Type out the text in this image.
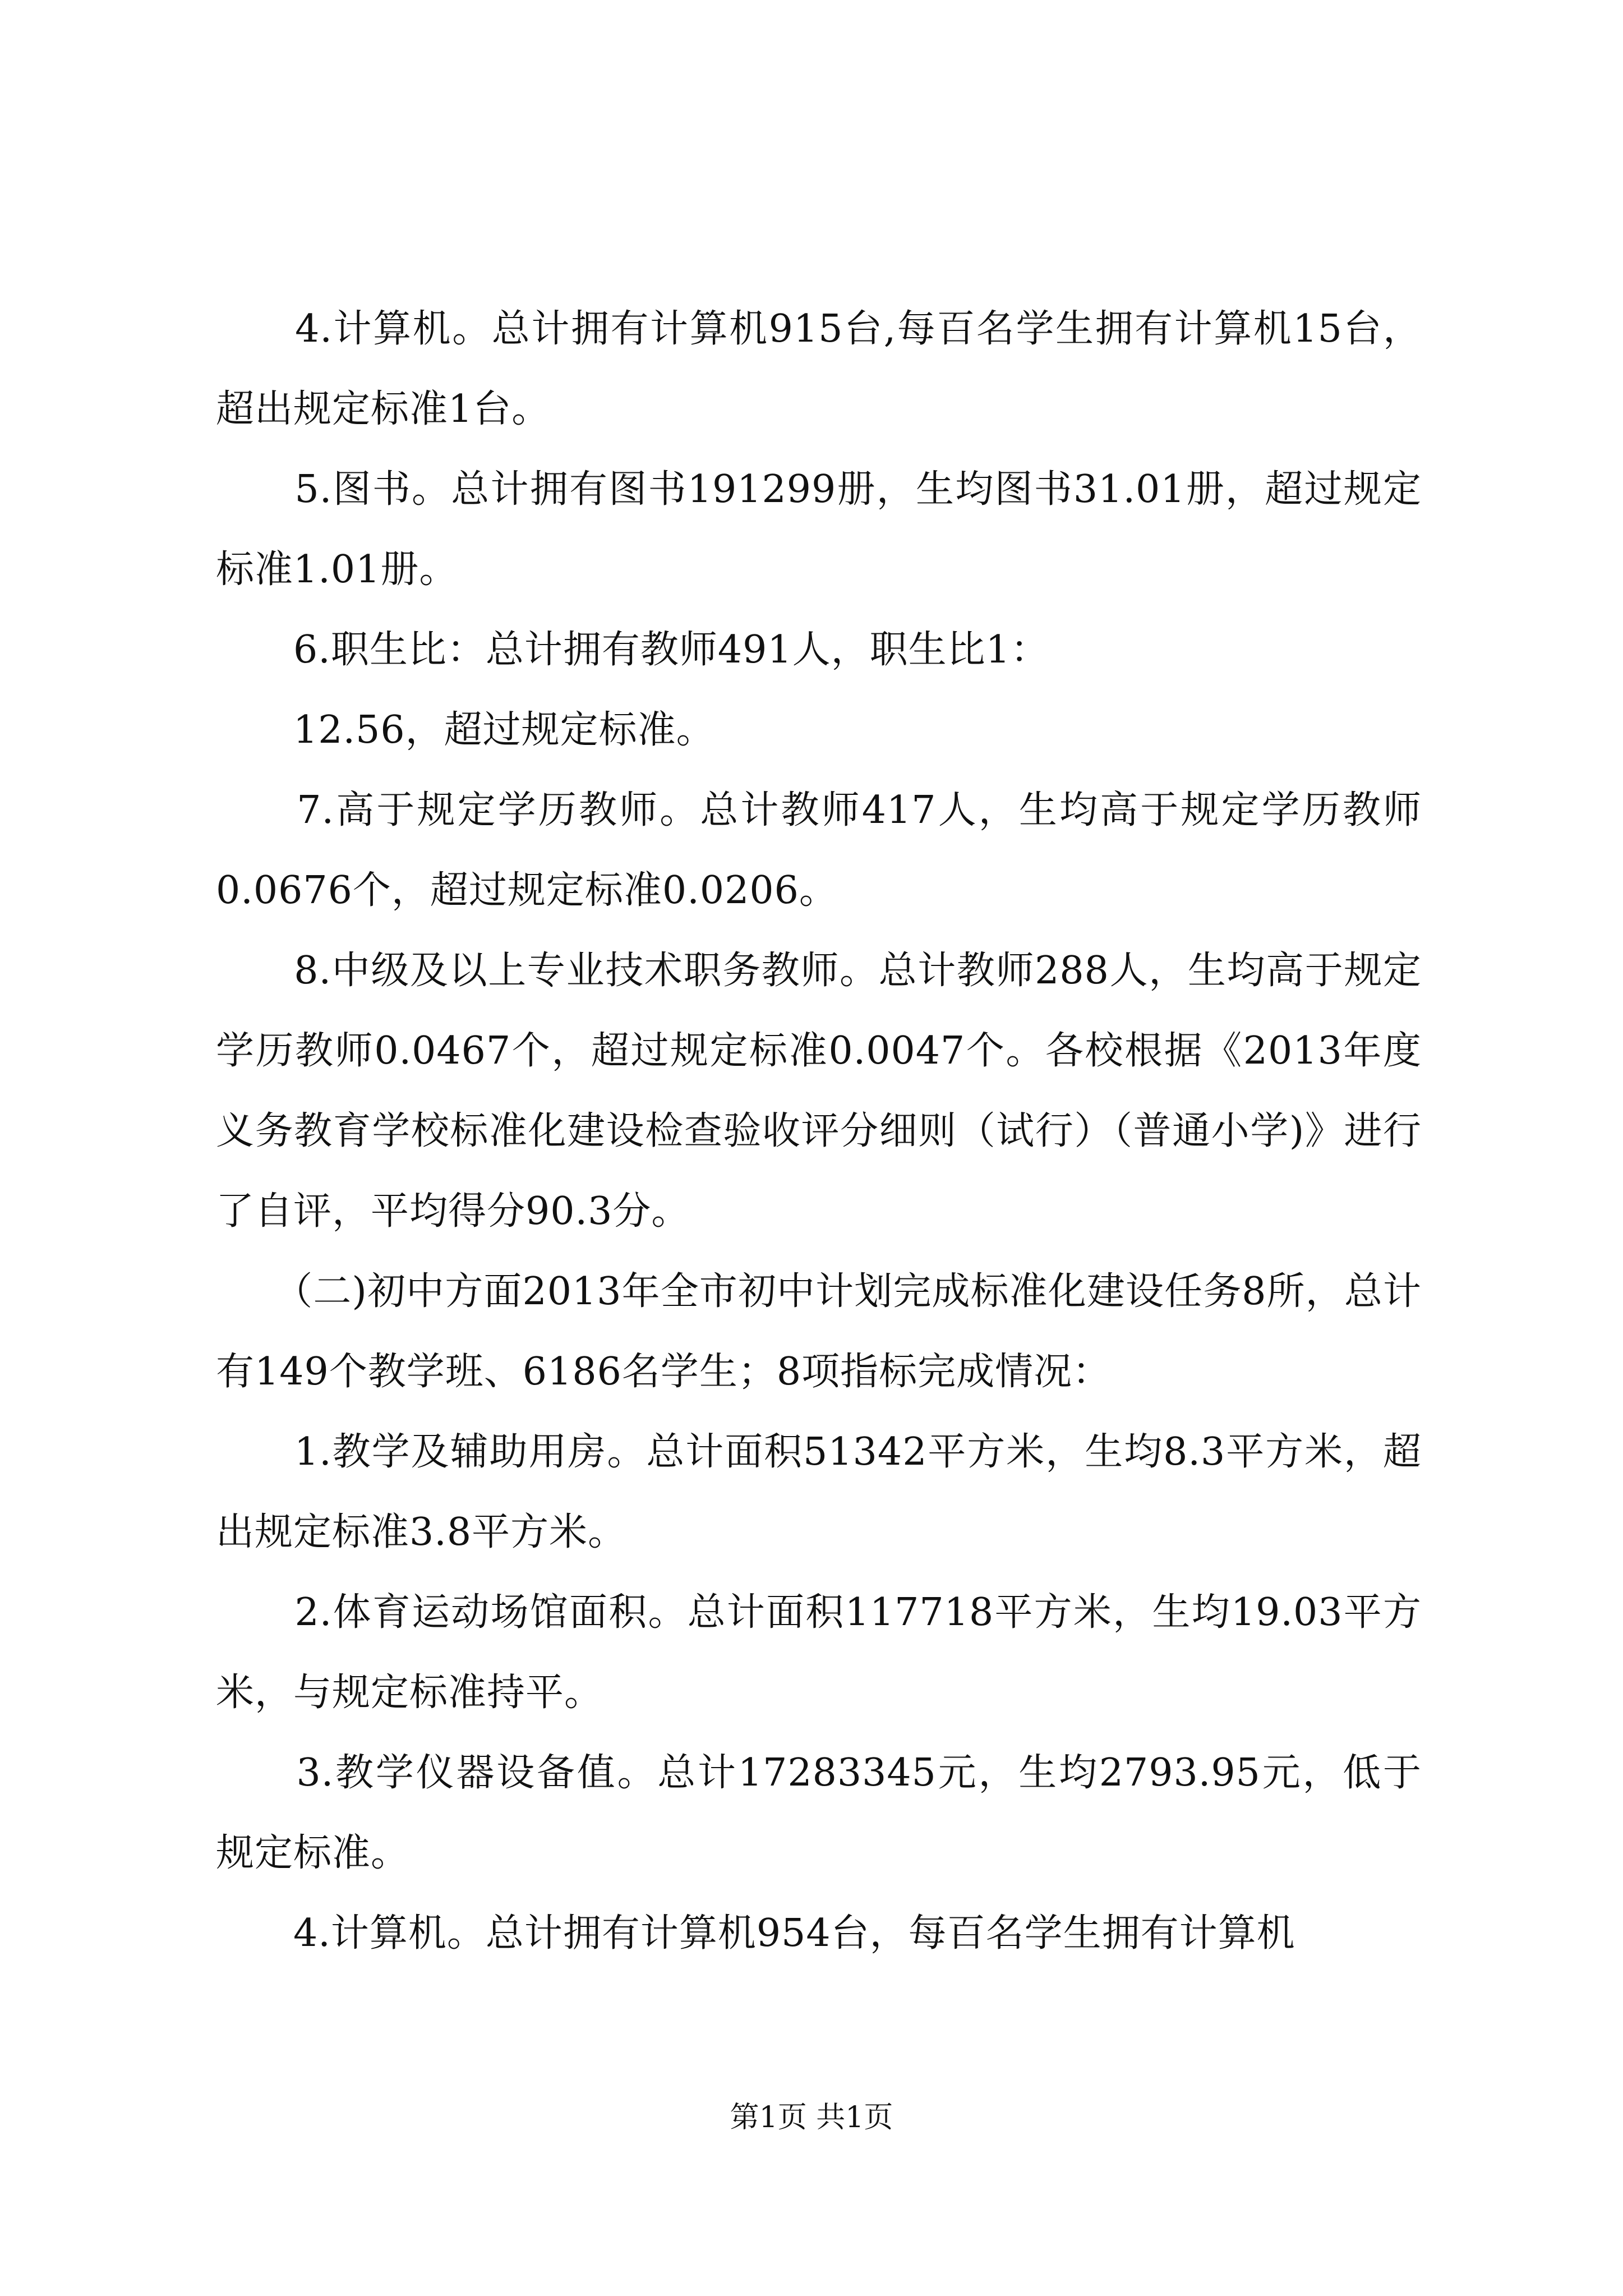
　　4.计算机。总计拥有计算机915台,每百名学生拥有计算机15台，超出规定标准1台。

　　5.图书。总计拥有图书191299册，生均图书31.01册，超过规定标准1.01册。

　　6.职生比：总计拥有教师491人，职生比1：

　　12.56，超过规定标准。

　　7.高于规定学历教师。总计教师417人，生均高于规定学历教师0.0676个，超过规定标准0.0206。

　　8.中级及以上专业技术职务教师。总计教师288人，生均高于规定学历教师0.0467个，超过规定标准0.0047个。各校根据《2013年度义务教育学校标准化建设检查验收评分细则（试行）（普通小学)》进行了自评，平均得分90.3分。

　　（二)初中方面2013年全市初中计划完成标准化建设任务8所，总计有149个教学班、6186名学生；8项指标完成情况：

　　1.教学及辅助用房。总计面积51342平方米，生均8.3平方米，超出规定标准3.8平方米。

　　2.体育运动场馆面积。总计面积117718平方米，生均19.03平方米，与规定标准持平。

　　3.教学仪器设备值。总计17283345元，生均2793.95元，低于规定标准。

　　4.计算机。总计拥有计算机954台，每百名学生拥有计算机

第1页 共1页
